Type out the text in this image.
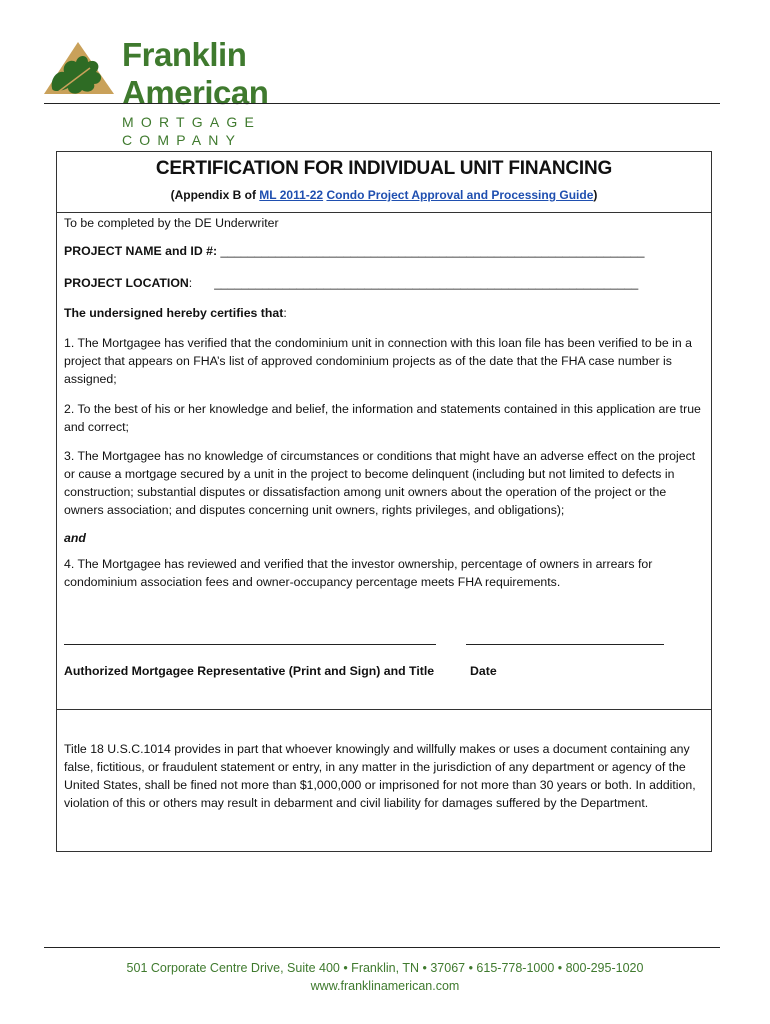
Franklin American
MORTGAGE COMPANY
CERTIFICATION FOR INDIVIDUAL UNIT FINANCING
(Appendix B of ML 2011-22 Condo Project Approval and Processing Guide)
To be completed by the DE Underwriter
PROJECT NAME and ID #: ______________________________________________________________
PROJECT LOCATION: ______________________________________________________________
The undersigned hereby certifies that:
1. The Mortgagee has verified that the condominium unit in connection with this loan file has been verified to be in a project that appears on FHA’s list of approved condominium projects as of the date that the FHA case number is assigned;
2. To the best of his or her knowledge and belief, the information and statements contained in this application are true and correct;
3. The Mortgagee has no knowledge of circumstances or conditions that might have an adverse effect on the project or cause a mortgage secured by a unit in the project to become delinquent (including but not limited to defects in construction; substantial disputes or dissatisfaction among unit owners about the operation of the project or the owners association; and disputes concerning unit owners, rights privileges, and obligations);
and
4. The Mortgagee has reviewed and verified that the investor ownership, percentage of owners in arrears for condominium association fees and owner-occupancy percentage meets FHA requirements.
Authorized Mortgagee Representative (Print and Sign) and Title	Date
Title 18 U.S.C.1014 provides in part that whoever knowingly and willfully makes or uses a document containing any false, fictitious, or fraudulent statement or entry, in any matter in the jurisdiction of any department or agency of the United States, shall be fined not more than $1,000,000 or imprisoned for not more than 30 years or both. In addition, violation of this or others may result in debarment and civil liability for damages suffered by the Department.
501 Corporate Centre Drive, Suite 400 • Franklin, TN • 37067 • 615-778-1000 • 800-295-1020
www.franklinamerican.com
